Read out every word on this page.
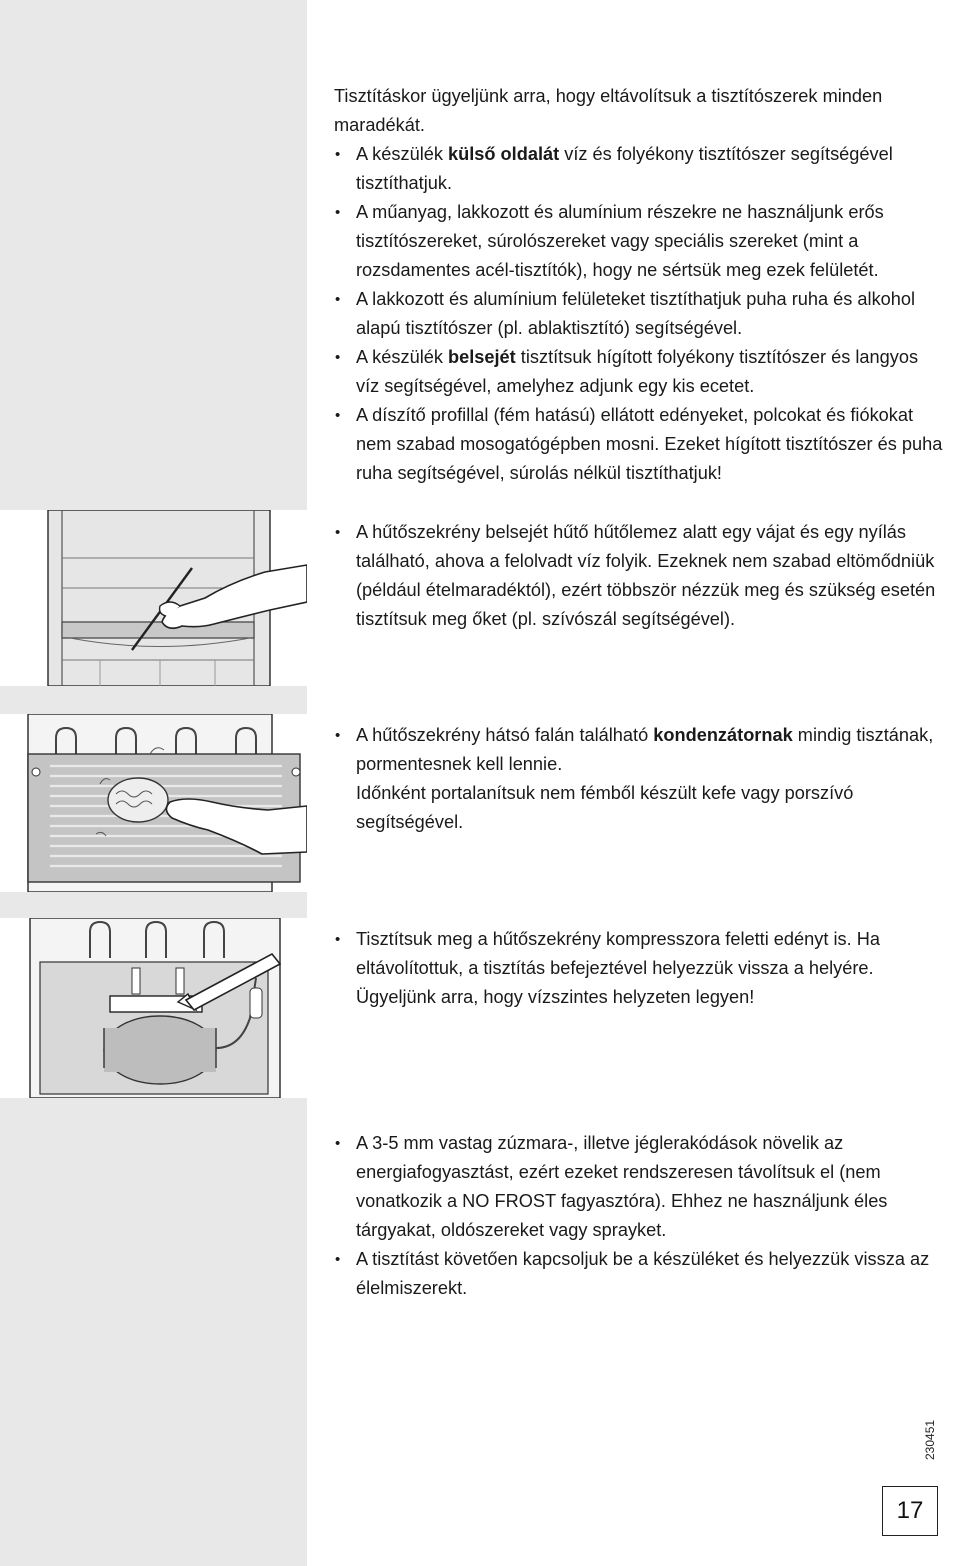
Tisztításkor ügyeljünk arra, hogy eltávolítsuk a tisztítószerek minden maradékát.

• A készülék külső oldalát víz és folyékony tisztítószer segítségével tisztíthatjuk.
• A műanyag, lakkozott és alumínium részekre ne használjunk erős tisztítószereket, súrolószereket vagy speciális szereket (mint a rozsdamentes acél-tisztítók), hogy ne sértsük meg ezek felületét.
• A lakkozott és alumínium felületeket tisztíthatjuk puha ruha és alkohol alapú tisztítószer (pl. ablaktisztító) segítségével.
• A készülék belsejét tisztítsuk hígított folyékony tisztítószer és langyos víz segítségével, amelyhez adjunk egy kis ecetet.
• A díszítő profillal (fém hatású) ellátott edényeket, polcokat és fiókokat nem szabad mosogatógépben mosni. Ezeket hígított tisztítószer és puha ruha segítségével, súrolás nélkül tisztíthatjuk!
• A hűtőszekrény belsejét hűtő hűtőlemez alatt egy vájat és egy nyílás található, ahova a felolvadt víz folyik. Ezeknek nem szabad eltömődniük (például ételmaradéktól), ezért többször nézzük meg és szükség esetén tisztítsuk meg őket (pl. szívószál segítségével).
• A hűtőszekrény hátsó falán található kondenzátornak mindig tisztának, pormentesnek kell lennie.
Időnként portalanítsuk nem fémből készült kefe vagy porszívó segítségével.
• Tisztítsuk meg a hűtőszekrény kompresszora feletti edényt is. Ha eltávolítottuk, a tisztítás befejeztével helyezzük vissza a helyére. Ügyeljünk arra, hogy vízszintes helyzeten legyen!
• A 3-5 mm vastag zúzmara-, illetve jéglerakódások növelik az energiafogyasztást, ezért ezeket rendszeresen távolítsuk el (nem vonatkozik a NO FROST fagyasztóra). Ehhez ne használjunk éles tárgyakat, oldószereket vagy sprayket.
• A tisztítást követően kapcsoljuk be a készüléket és helyezzük vissza az élelmiszerekt.
230451
17
